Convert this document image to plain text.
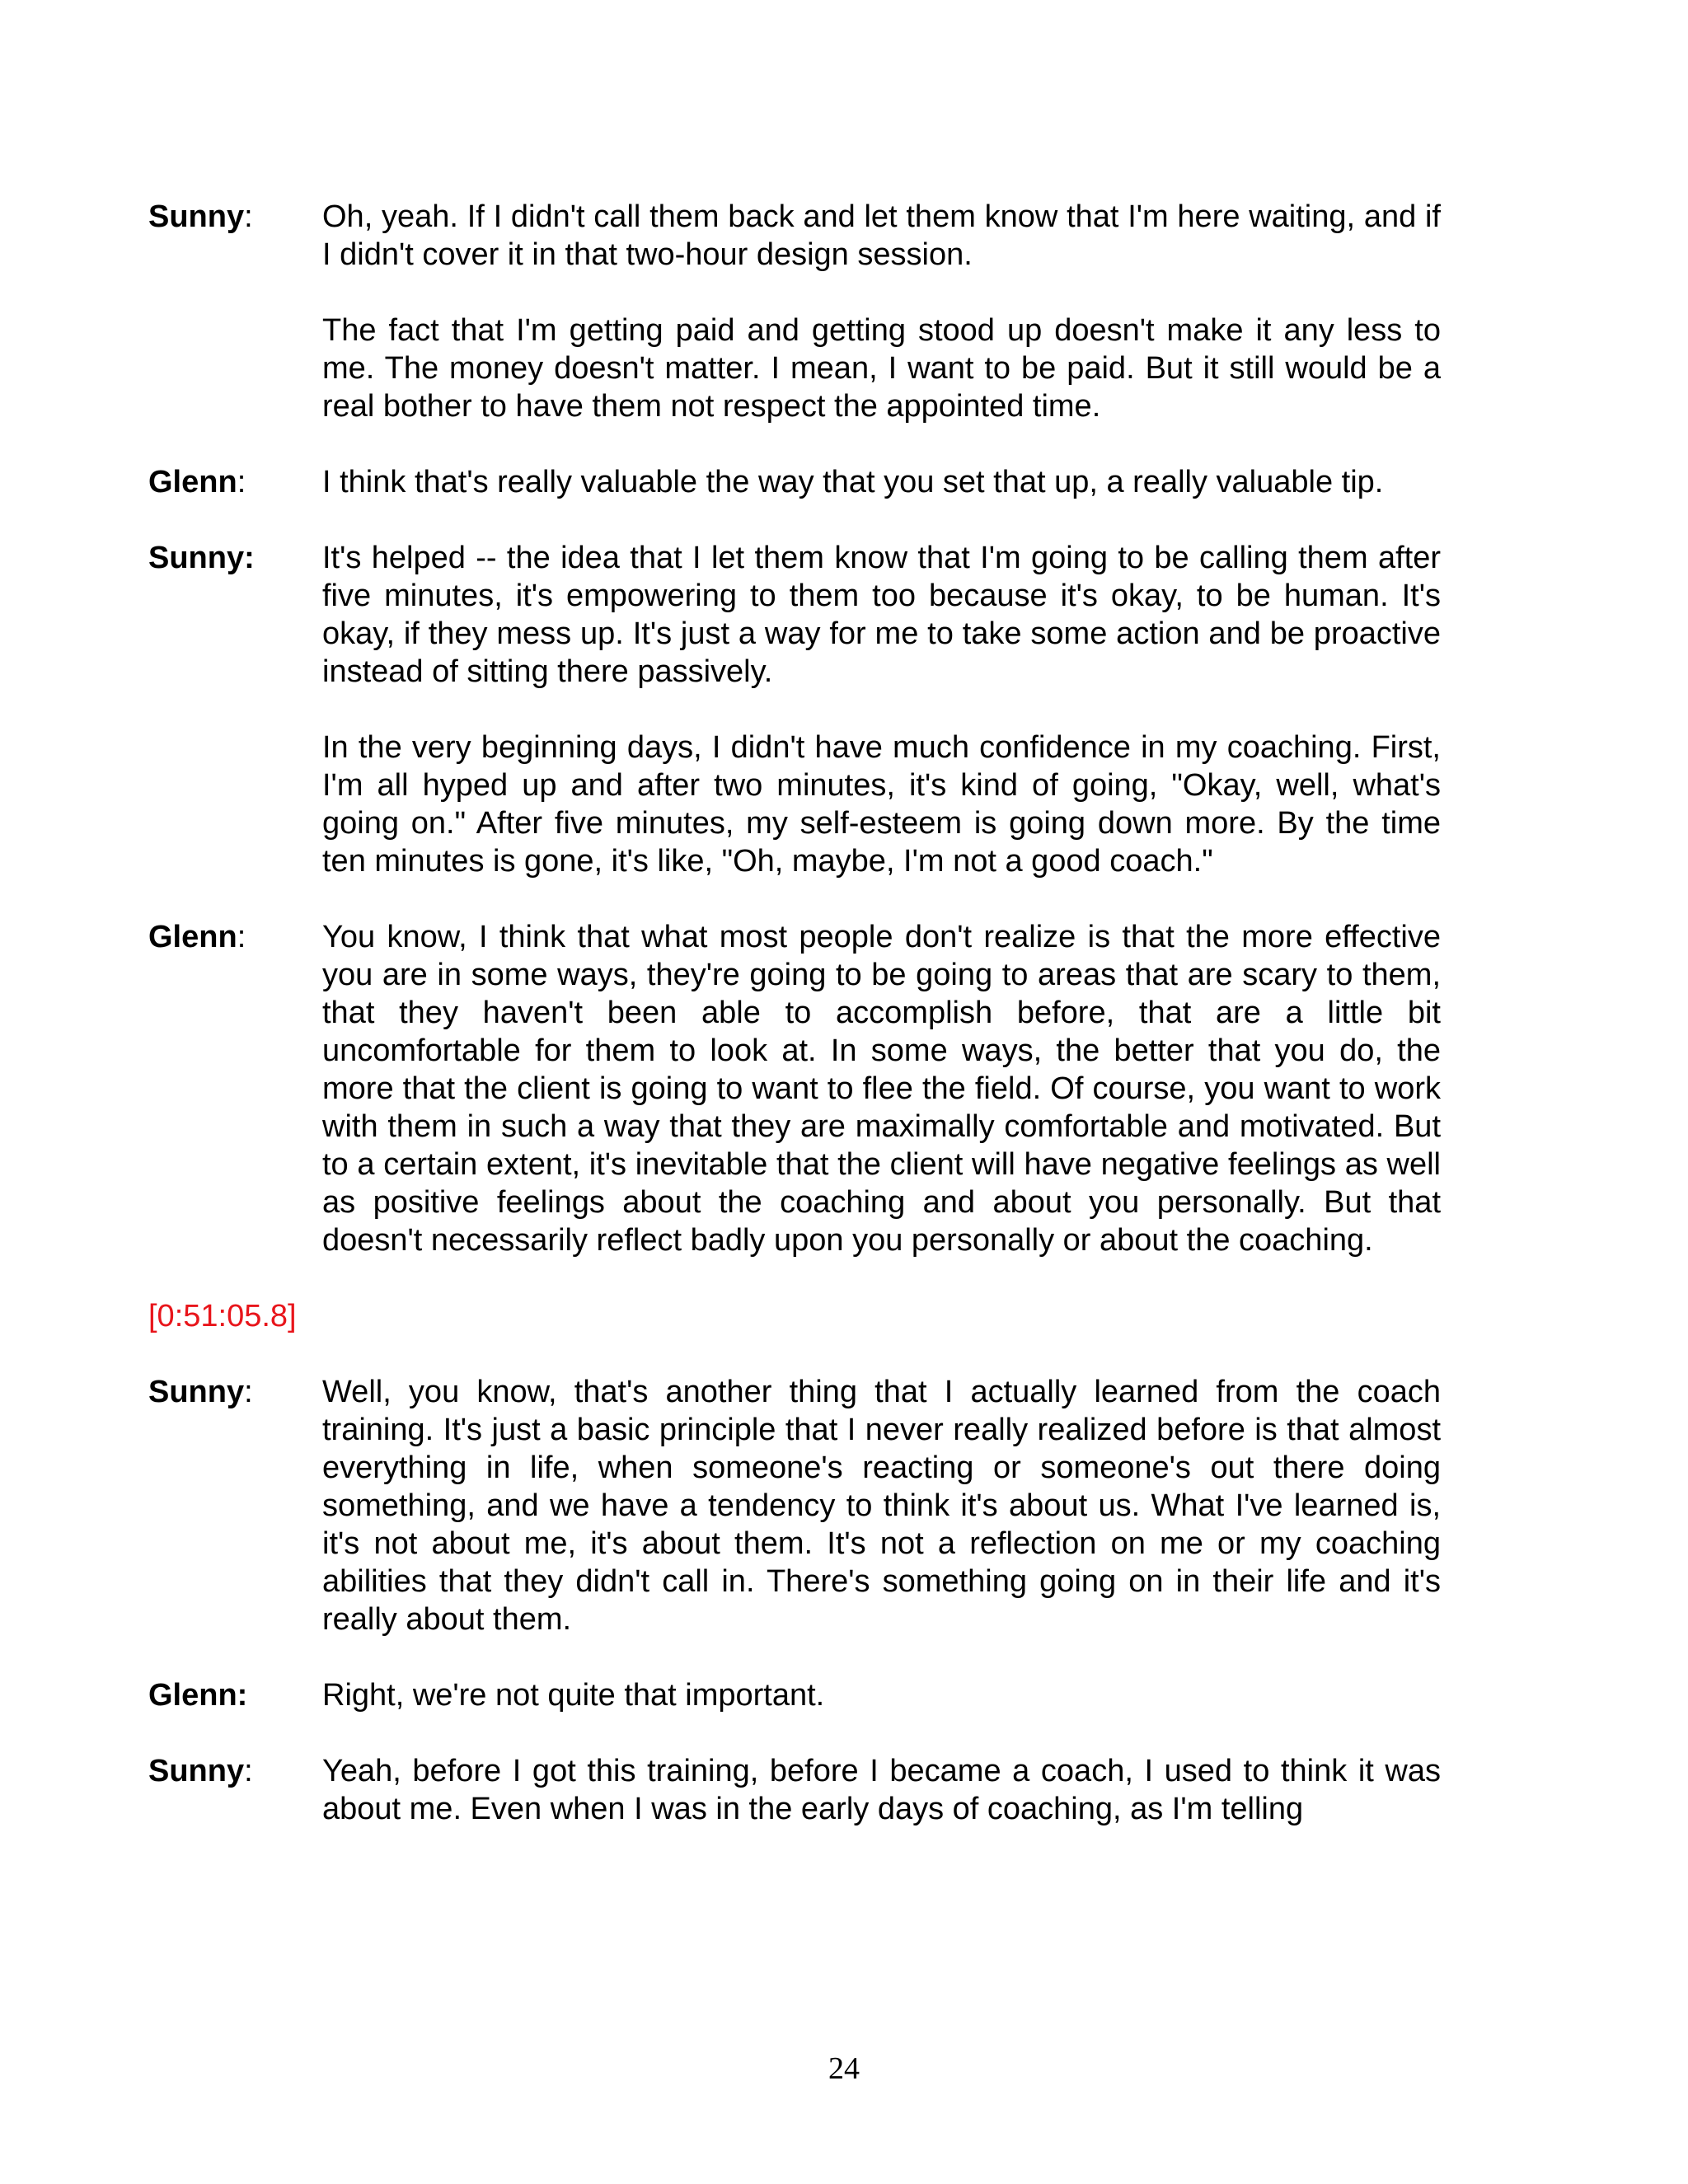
Sunny:	Oh, yeah. If I didn't call them back and let them know that I'm here waiting, and if I didn't cover it in that two-hour design session.

The fact that I'm getting paid and getting stood up doesn't make it any less to me. The money doesn't matter. I mean, I want to be paid. But it still would be a real bother to have them not respect the appointed time.

Glenn:	I think that's really valuable the way that you set that up, a really valuable tip.

Sunny:	It's helped -- the idea that I let them know that I'm going to be calling them after five minutes, it's empowering to them too because it's okay, to be human. It's okay, if they mess up. It's just a way for me to take some action and be proactive instead of sitting there passively.

In the very beginning days, I didn't have much confidence in my coaching. First, I'm all hyped up and after two minutes, it's kind of going, "Okay, well, what's going on." After five minutes, my self-esteem is going down more. By the time ten minutes is gone, it's like, "Oh, maybe, I'm not a good coach."

Glenn:	You know, I think that what most people don't realize is that the more effective you are in some ways, they're going to be going to areas that are scary to them, that they haven't been able to accomplish before, that are a little bit uncomfortable for them to look at. In some ways, the better that you do, the more that the client is going to want to flee the field. Of course, you want to work with them in such a way that they are maximally comfortable and motivated. But to a certain extent, it's inevitable that the client will have negative feelings as well as positive feelings about the coaching and about you personally. But that doesn't necessarily reflect badly upon you personally or about the coaching.

[0:51:05.8]
Sunny:	Well, you know, that's another thing that I actually learned from the coach training. It's just a basic principle that I never really realized before is that almost everything in life, when someone's reacting or someone's out there doing something, and we have a tendency to think it's about us. What I've learned is, it's not about me, it's about them. It's not a reflection on me or my coaching abilities that they didn't call in. There's something going on in their life and it's really about them.

Glenn:	Right, we're not quite that important.

Sunny:	Yeah, before I got this training, before I became a coach, I used to think it was about me. Even when I was in the early days of coaching, as I'm telling

24
